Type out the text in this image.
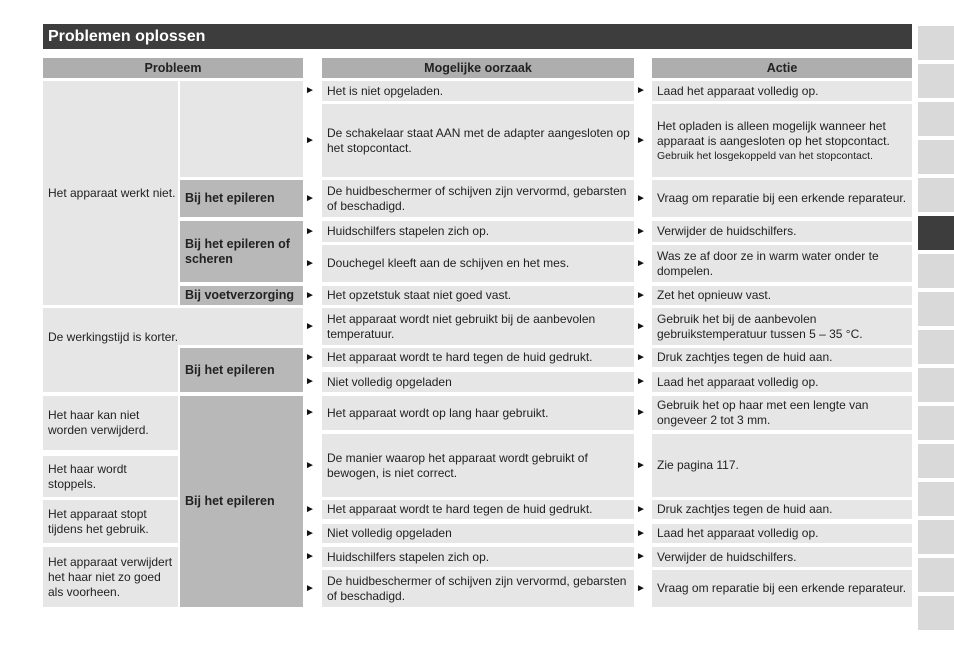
Problemen oplossen
Probleem	Mogelijke oorzaak	Actie
Het apparaat werkt niet.
De werkingstijd is korter.
Het haar kan niet worden verwijderd.
Het haar wordt stoppels.
Het apparaat stopt tijdens het gebruik.
Het apparaat verwijdert het haar niet zo goed als voorheen.
Bij het epileren
Bij het epileren of scheren
Bij voetverzorging
Bij het epileren
Bij het epileren
► Het is niet opgeladen.
►
De schakelaar staat AAN met de adapter aangesloten op het stopcontact.
►
De huidbeschermer of schijven zijn vervormd, gebarsten of beschadigd.
► Huidschilfers stapelen zich op.
► Douchegel kleeft aan de schijven en het mes.
► Het opzetstuk staat niet goed vast.
►
Het apparaat wordt niet gebruikt bij de aanbevolen temperatuur.
► Het apparaat wordt te hard tegen de huid gedrukt.
► Niet volledig opgeladen
► Het apparaat wordt op lang haar gebruikt.
►
De manier waarop het apparaat wordt gebruikt of bewogen, is niet correct.
► Het apparaat wordt te hard tegen de huid gedrukt.
► Niet volledig opgeladen
► Huidschilfers stapelen zich op.
►
De huidbeschermer of schijven zijn vervormd, gebarsten of beschadigd.
► Laad het apparaat volledig op.
►
Het opladen is alleen mogelijk wanneer het apparaat is aangesloten op het stopcontact.
Gebruik het losgekoppeld van het stopcontact.
► Vraag om reparatie bij een erkende reparateur.
► Verwijder de huidschilfers.
►
Was ze af door ze in warm water onder te dompelen.
► Zet het opnieuw vast.
►
Gebruik het bij de aanbevolen gebruikstemperatuur tussen 5 – 35 °C.
► Druk zachtjes tegen de huid aan.
► Laad het apparaat volledig op.
►
Gebruik het op haar met een lengte van ongeveer 2 tot 3 mm.
► Zie pagina 117.
► Druk zachtjes tegen de huid aan.
► Laad het apparaat volledig op.
► Verwijder de huidschilfers.
► Vraag om reparatie bij een erkende reparateur.
